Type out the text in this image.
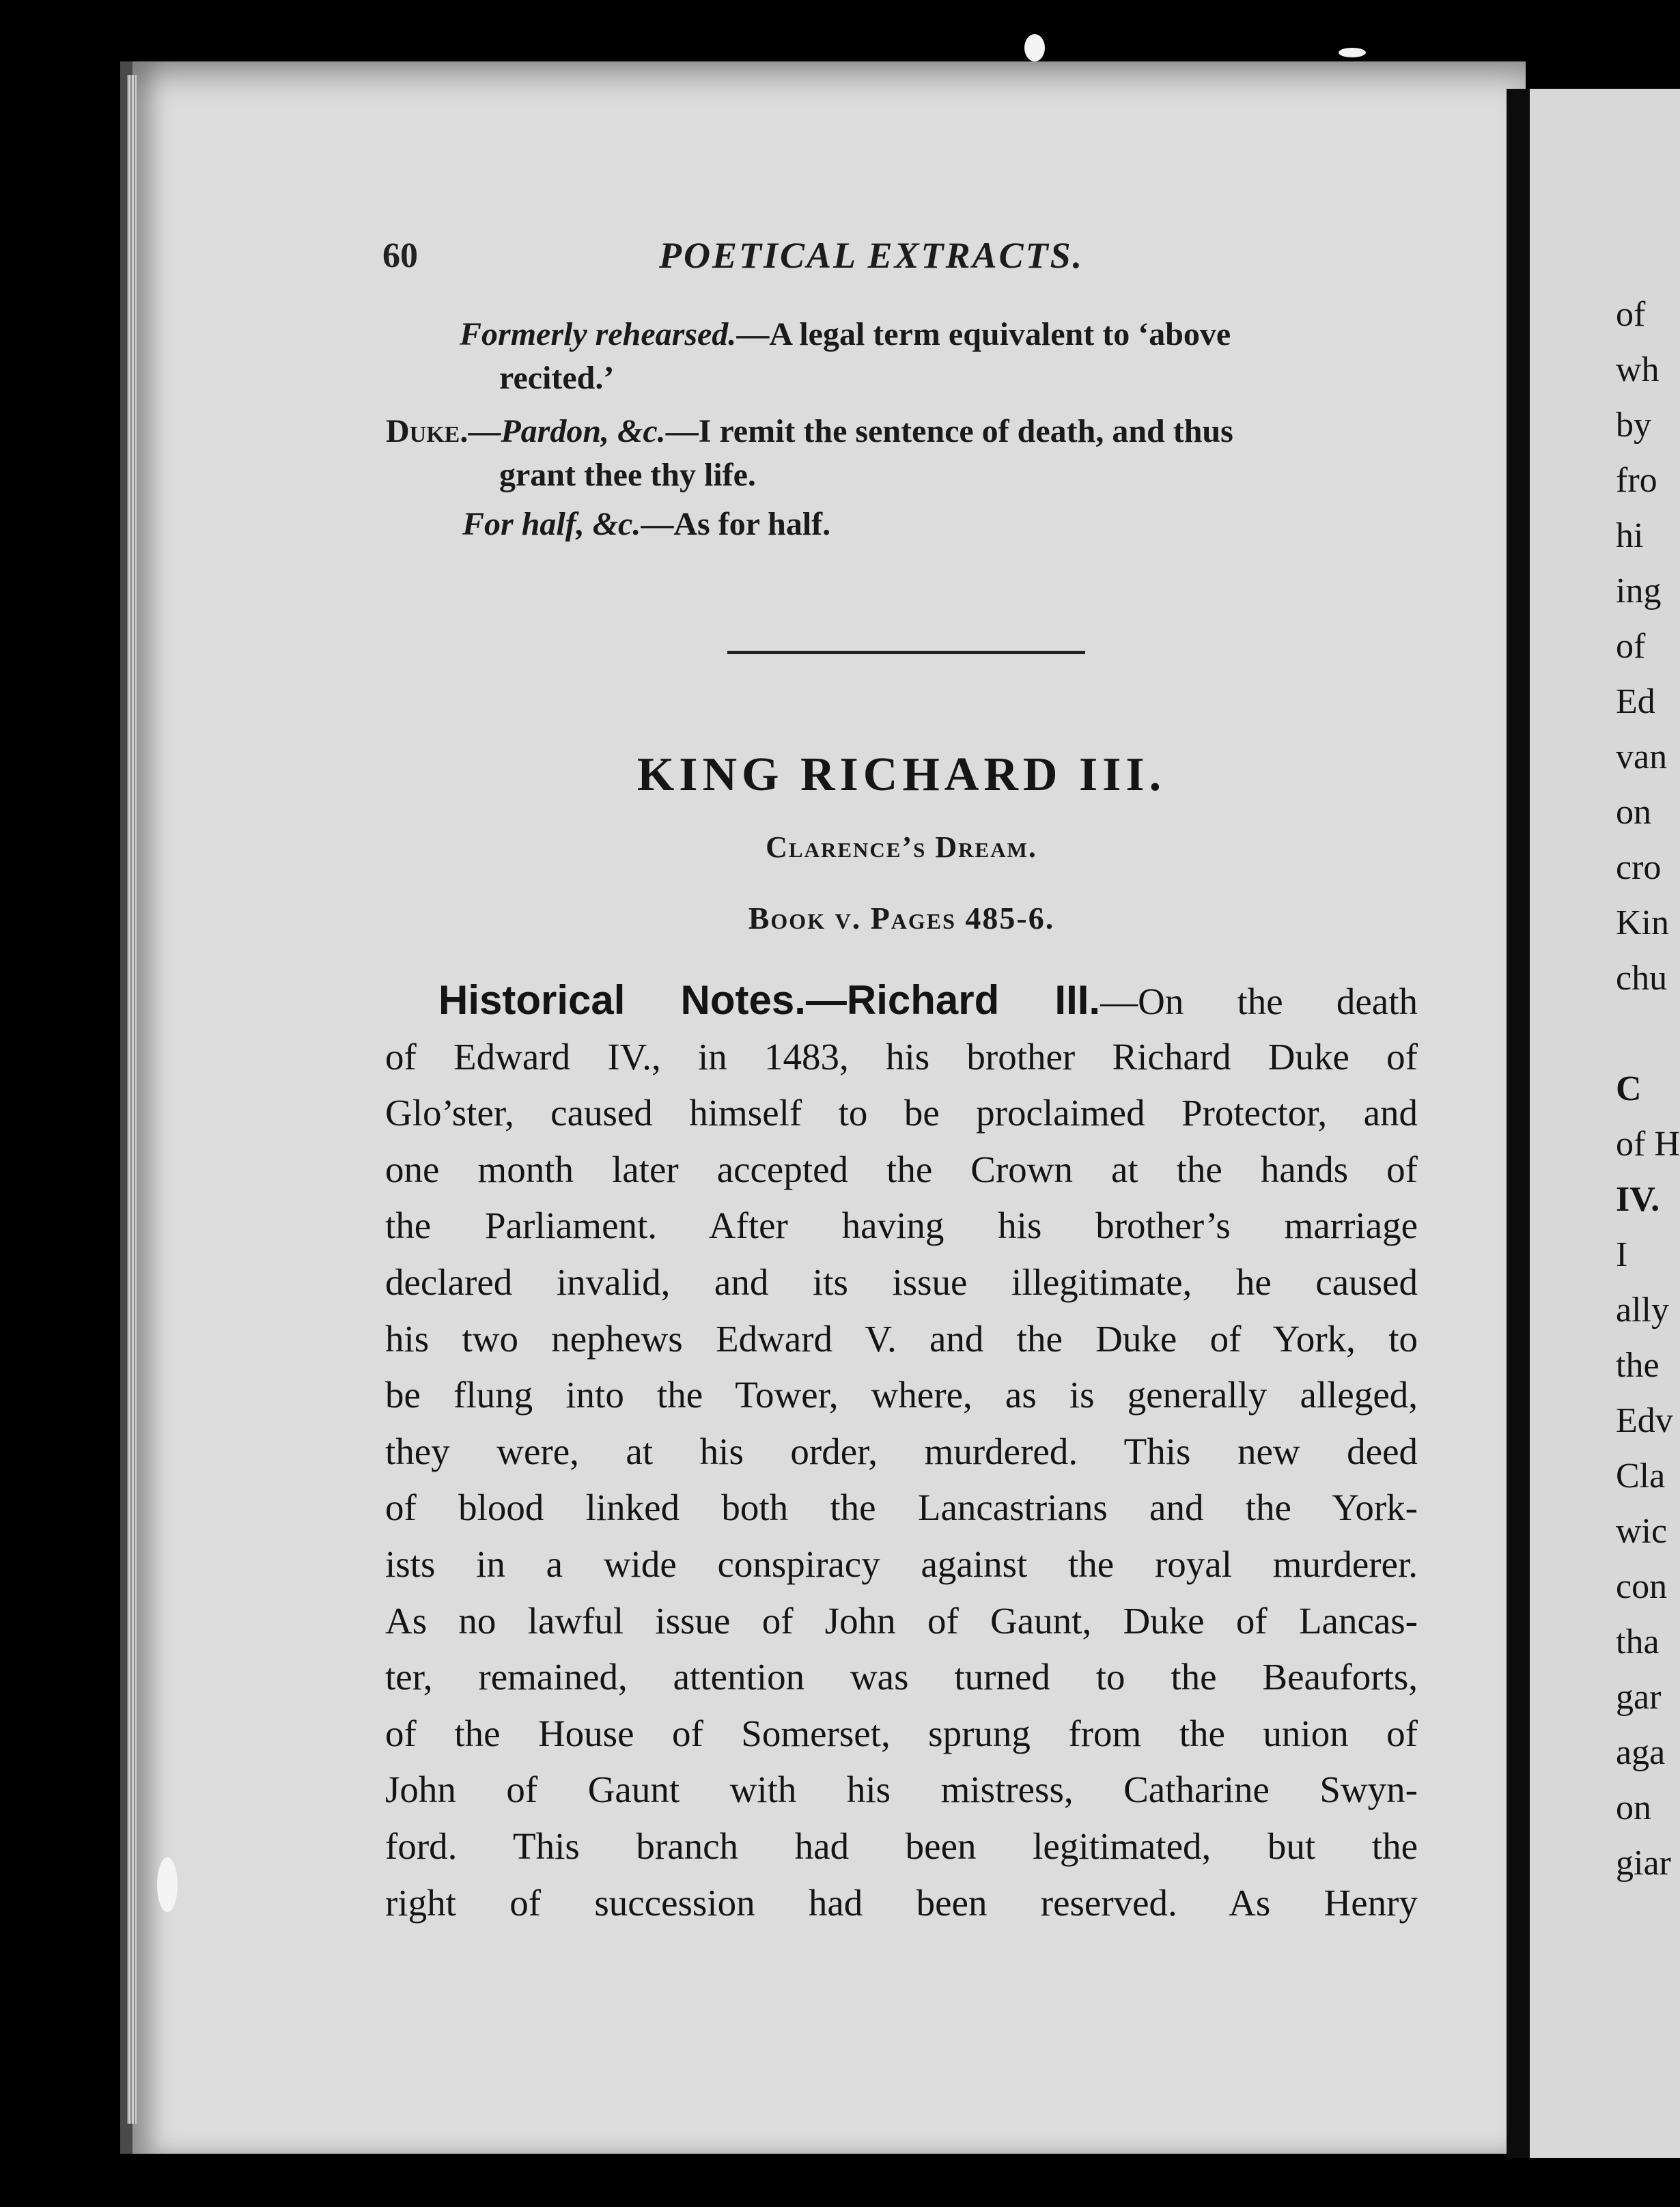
60	POETICAL EXTRACTS.
Formerly rehearsed.—A legal term equivalent to ‘above
recited.’
Duke.—Pardon, &c.—I remit the sentence of death, and thus
grant thee thy life.
For half, &c.—As for half.
KING RICHARD III.
Clarence’s Dream.
Book v. Pages 485-6.
Historical Notes.—Richard III.—On the death
of Edward IV., in 1483, his brother Richard Duke of
Glo’ster, caused himself to be proclaimed Protector, and
one month later accepted the Crown at the hands of
the Parliament. After having his brother’s marriage
declared invalid, and its issue illegitimate, he caused
his two nephews Edward V. and the Duke of York, to
be flung into the Tower, where, as is generally alleged,
they were, at his order, murdered. This new deed
of blood linked both the Lancastrians and the York-
ists in a wide conspiracy against the royal murderer.
As no lawful issue of John of Gaunt, Duke of Lancas-
ter, remained, attention was turned to the Beauforts,
of the House of Somerset, sprung from the union of
John of Gaunt with his mistress, Catharine Swyn-
ford. This branch had been legitimated, but the
right of succession had been reserved. As Henry
of
wh
by
fro
hi
ing
of
Ed
van
on
cro
Kin
chu
C
of H
IV.
I
ally
the
Edv
Cla
wic
con
tha
gar
aga
on
giar
